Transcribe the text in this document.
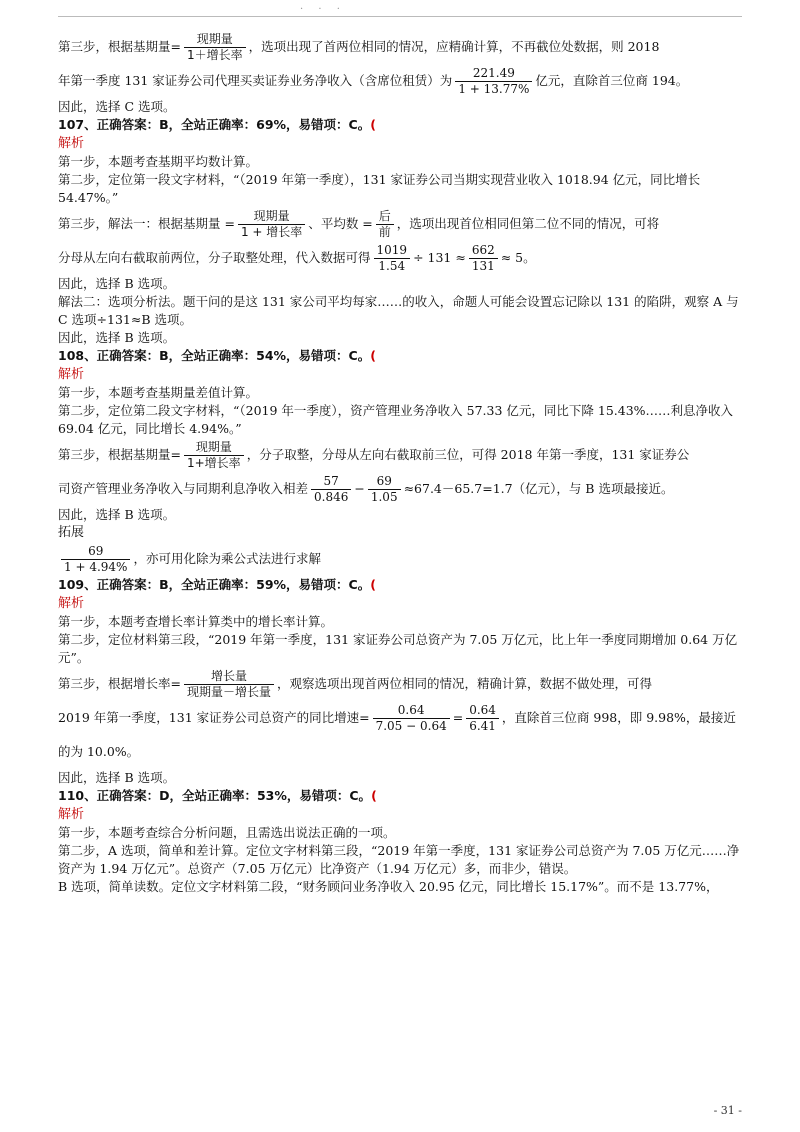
· · ·

第三步，根据基期量= $\frac{\text{现期量}}{\text{1＋增长率}}$ ，选项出现了首两位相同的情况，应精确计算，不再截位处数据，则 2018

年第一季度 131 家证券公司代理买卖证券业务净收入（含席位租赁）为 $\frac{221.49}{1 + 13.77\%}$ 亿元，直除首三位商 194。

因此，选择 C 选项。

107、正确答案：B，全站正确率：69%，易错项：C。(

解析

第一步，本题考查基期平均数计算。

第二步，定位第一段文字材料，“（2019 年第一季度），131 家证券公司当期实现营业收入 1018.94 亿元，同比增长 54.47%。”

第三步，解法一：根据基期量 = $\frac{\text{现期量}}{\text{1 + 增长率}}$ 、平均数 = $\frac{\text{后}}{\text{前}}$ ，选项出现首位相同但第二位不同的情况，可将

分母从左向右截取前两位，分子取整处理，代入数据可得 $\frac{1019}{1.54} \div 131 \approx \frac{662}{131} \approx 5$。

因此，选择 B 选项。

解法二：选项分析法。题干问的是这 131 家公司平均每家……的收入，命题人可能会设置忘记除以 131 的陷阱，观察 A 与 C 选项÷131≈B 选项。

因此，选择 B 选项。

108、正确答案：B，全站正确率：54%，易错项：C。(

解析

第一步，本题考查基期量差值计算。

第二步，定位第二段文字材料，“（2019 年一季度），资产管理业务净收入 57.33 亿元，同比下降 15.43%……利息净收入 69.04 亿元，同比增长 4.94%。”

第三步，根据基期量= $\frac{\text{现期量}}{\text{1+增长率}}$ ，分子取整，分母从左向右截取前三位，可得 2018 年第一季度，131 家证券公

司资产管理业务净收入与同期利息净收入相差 $\frac{57}{0.846} - \frac{69}{1.05} \approx 67.4-65.7=1.7$（亿元），与 B 选项最接近。

因此，选择 B 选项。

拓展

$\frac{69}{1 + 4.94\%}$ ，亦可用化除为乘公式法进行求解

109、正确答案：B，全站正确率：59%，易错项：C。(

解析

第一步，本题考查增长率计算类中的增长率计算。

第二步，定位材料第三段，“2019 年第一季度，131 家证券公司总资产为 7.05 万亿元，比上年一季度同期增加 0.64 万亿元”。

第三步，根据增长率= $\frac{\text{增长量}}{\text{现期量－增长量}}$ ，观察选项出现首两位相同的情况，精确计算，数据不做处理，可得

2019 年第一季度，131 家证券公司总资产的同比增速= $\frac{0.64}{7.05 - 0.64} = \frac{0.64}{6.41}$ ，直除首三位商 998，即 9.98%，最接近的为 10.0%。

因此，选择 B 选项。

110、正确答案：D，全站正确率：53%，易错项：C。(

解析

第一步，本题考查综合分析问题，且需选出说法正确的一项。

第二步，A 选项，简单和差计算。定位文字材料第三段，“2019 年第一季度，131 家证券公司总资产为 7.05 万亿元……净资产为 1.94 万亿元”。总资产（7.05 万亿元）比净资产（1.94 万亿元）多，而非少，错误。

B 选项，简单读数。定位文字材料第二段，“财务顾问业务净收入 20.95 亿元，同比增长 15.17%”。而不是 13.77%，

- 31 -
